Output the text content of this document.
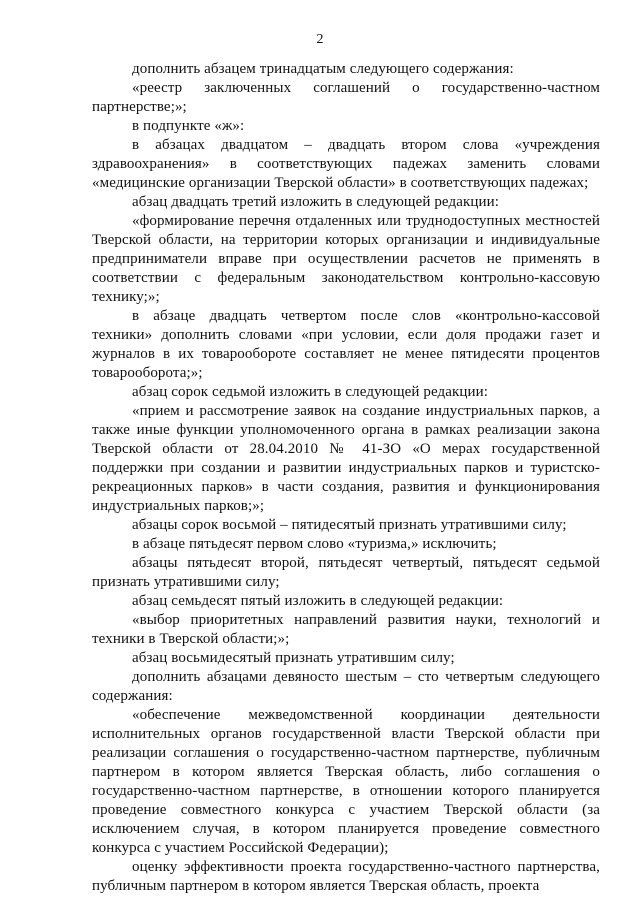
2

дополнить абзацем тринадцатым следующего содержания:

«реестр заключенных соглашений о государственно-частном партнерстве;»;

в подпункте «ж»:

в абзацах двадцатом – двадцать втором слова «учреждения здравоохранения» в соответствующих падежах заменить словами «медицинские организации Тверской области» в соответствующих падежах;

абзац двадцать третий изложить в следующей редакции:

«формирование перечня отдаленных или труднодоступных местностей Тверской области, на территории которых организации и индивидуальные предприниматели вправе при осуществлении расчетов не применять в соответствии с федеральным законодательством контрольно-кассовую технику;»;

в абзаце двадцать четвертом после слов «контрольно-кассовой техники» дополнить словами «при условии, если доля продажи газет и журналов в их товарообороте составляет не менее пятидесяти процентов товарооборота;»;

абзац сорок седьмой изложить в следующей редакции:

«прием и рассмотрение заявок на создание индустриальных парков, а также иные функции уполномоченного органа в рамках реализации закона Тверской области от 28.04.2010 № 41-ЗО «О мерах государственной поддержки при создании и развитии индустриальных парков и туристско-рекреационных парков» в части создания, развития и функционирования индустриальных парков;»;

абзацы сорок восьмой – пятидесятый признать утратившими силу;

в абзаце пятьдесят первом слово «туризма,» исключить;

абзацы пятьдесят второй, пятьдесят четвертый, пятьдесят седьмой признать утратившими силу;

абзац семьдесят пятый изложить в следующей редакции:

«выбор приоритетных направлений развития науки, технологий и техники в Тверской области;»;

абзац восьмидесятый признать утратившим силу;

дополнить абзацами девяносто шестым – сто четвертым следующего содержания:

«обеспечение межведомственной координации деятельности исполнительных органов государственной власти Тверской области при реализации соглашения о государственно-частном партнерстве, публичным партнером в котором является Тверская область, либо соглашения о государственно-частном партнерстве, в отношении которого планируется проведение совместного конкурса с участием Тверской области (за исключением случая, в котором планируется проведение совместного конкурса с участием Российской Федерации);

оценку эффективности проекта государственно-частного партнерства, публичным партнером в котором является Тверская область, проекта
